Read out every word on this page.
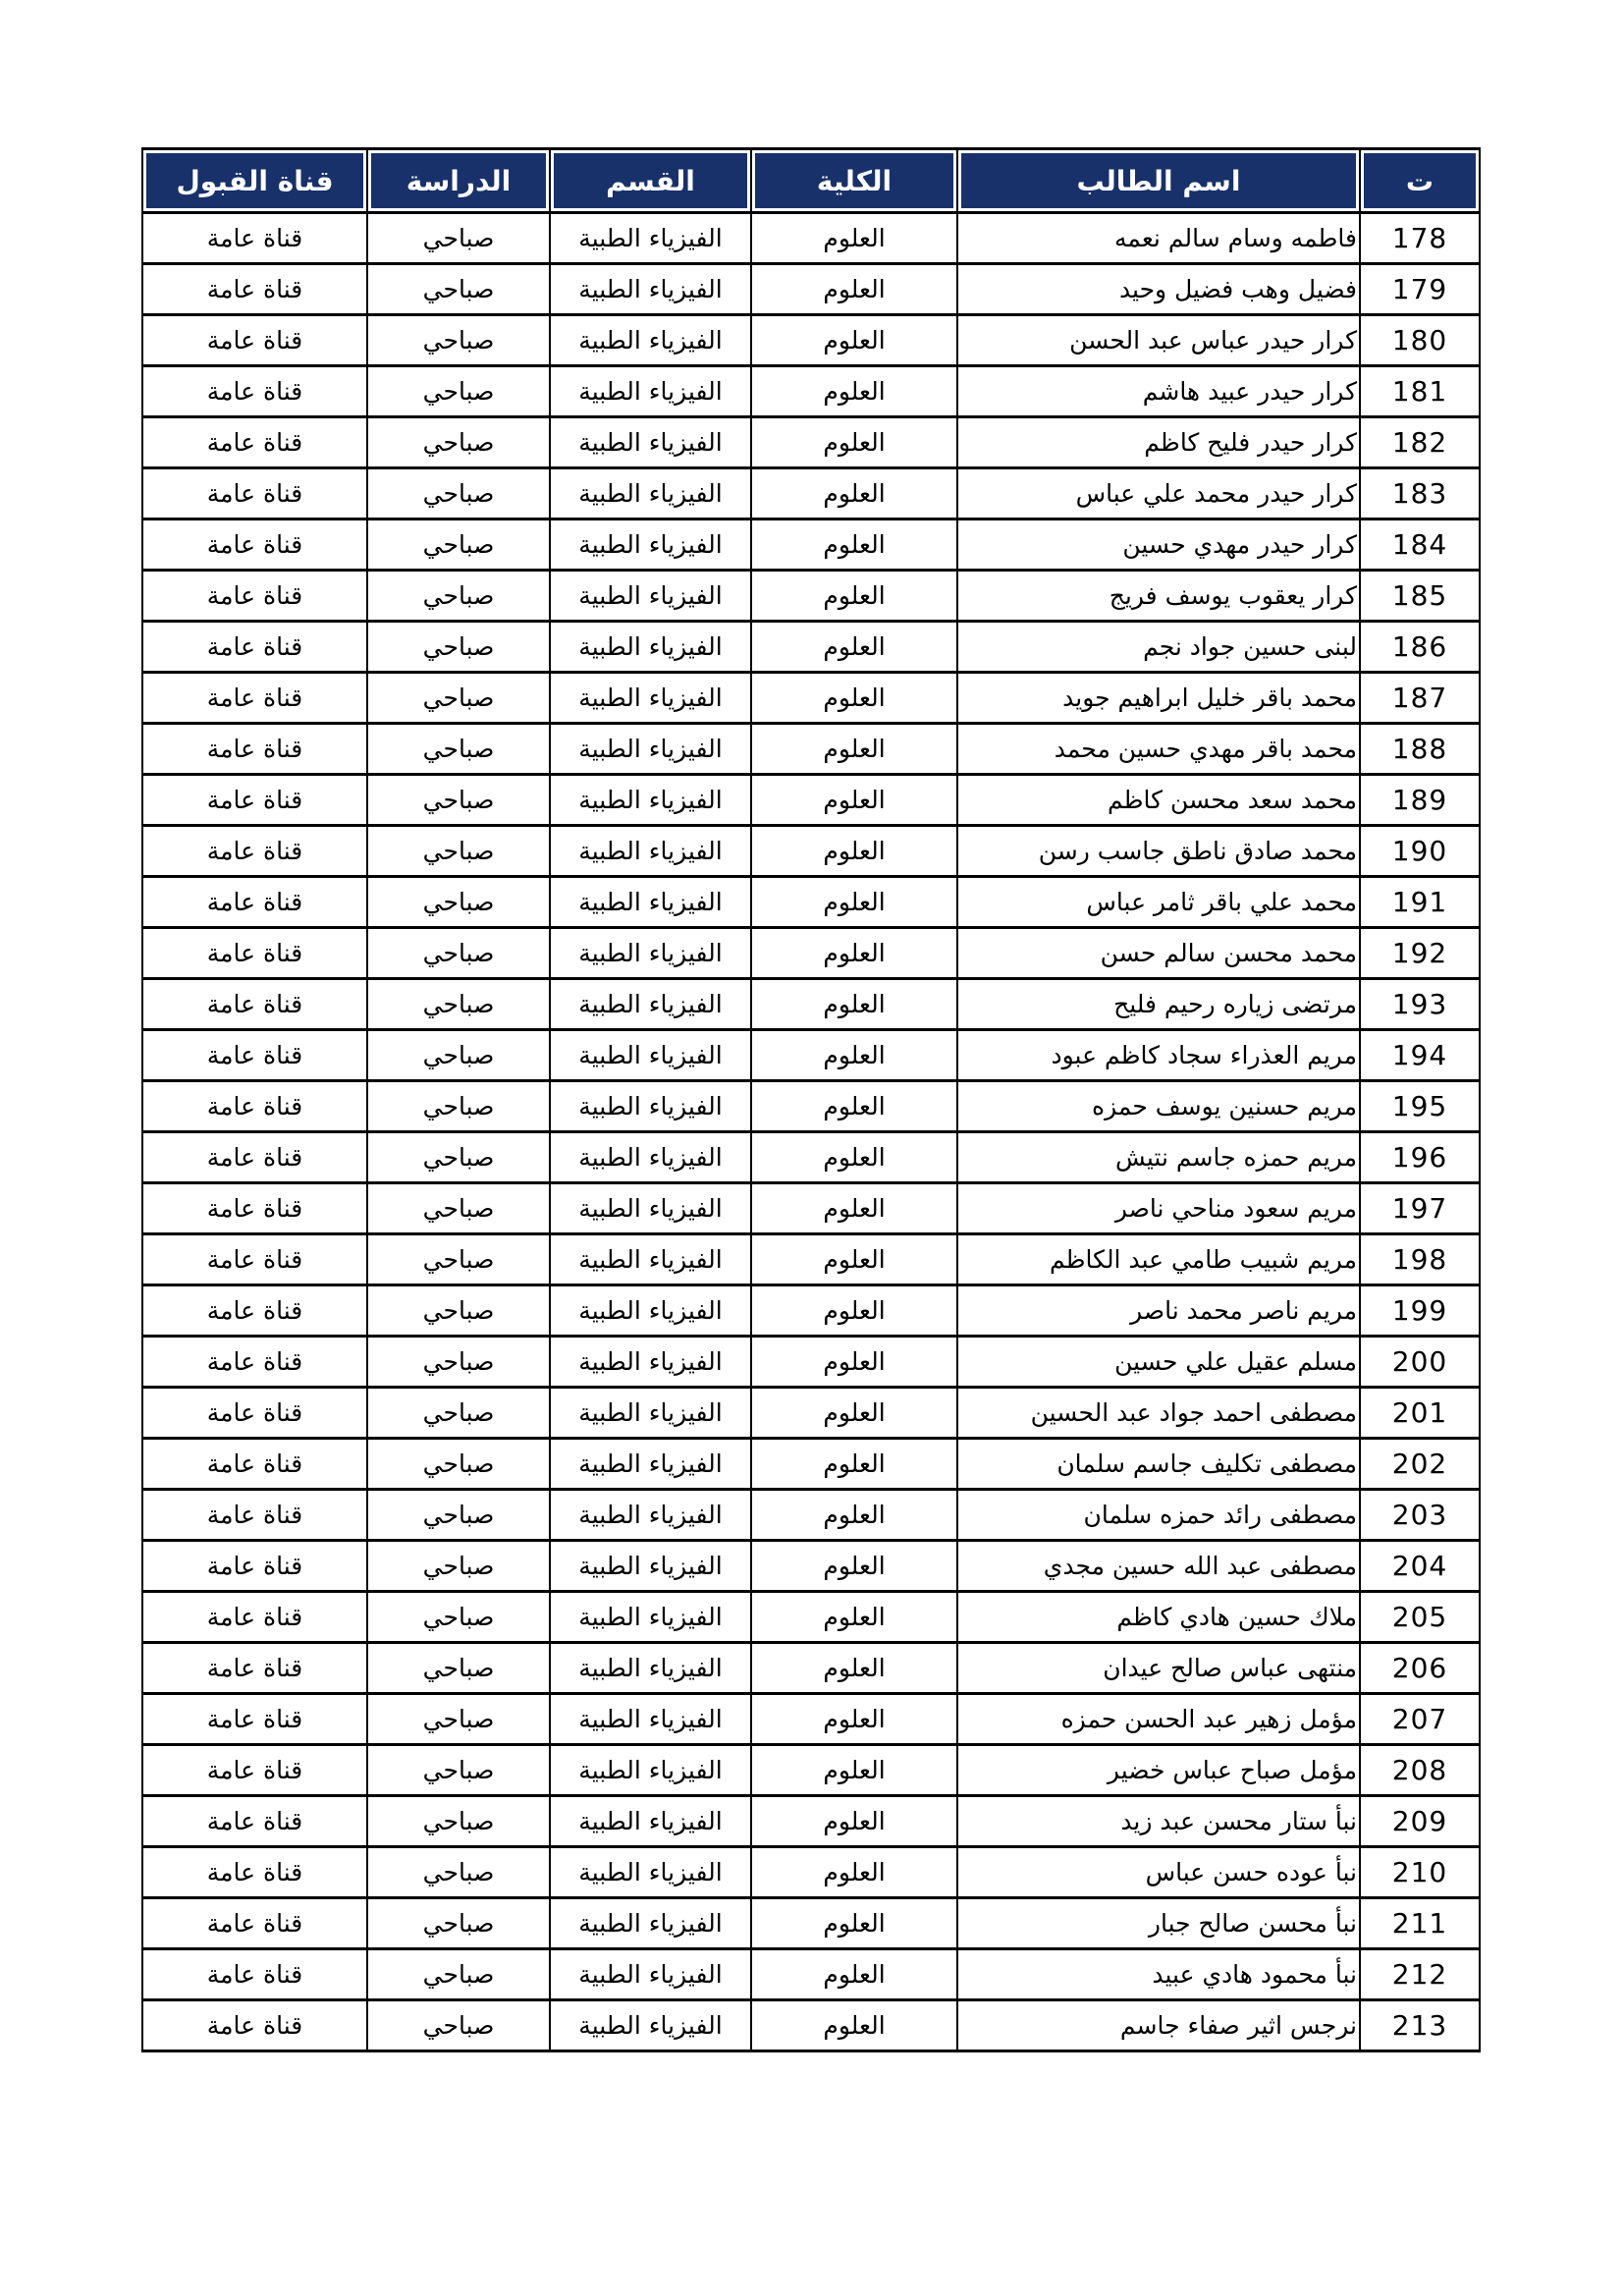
ت	اسم الطالب	الكلية	القسم	الدراسة	قناة القبول
178	فاطمه وسام سالم نعمه	العلوم	الفيزياء الطبية	صباحي	قناة عامة
179	فضيل وهب فضيل وحيد	العلوم	الفيزياء الطبية	صباحي	قناة عامة
180	كرار حيدر عباس عبد الحسن	العلوم	الفيزياء الطبية	صباحي	قناة عامة
181	كرار حيدر عبيد هاشم	العلوم	الفيزياء الطبية	صباحي	قناة عامة
182	كرار حيدر فليح كاظم	العلوم	الفيزياء الطبية	صباحي	قناة عامة
183	كرار حيدر محمد علي عباس	العلوم	الفيزياء الطبية	صباحي	قناة عامة
184	كرار حيدر مهدي حسين	العلوم	الفيزياء الطبية	صباحي	قناة عامة
185	كرار يعقوب يوسف فريج	العلوم	الفيزياء الطبية	صباحي	قناة عامة
186	لبنى حسين جواد نجم	العلوم	الفيزياء الطبية	صباحي	قناة عامة
187	محمد باقر خليل ابراهيم جويد	العلوم	الفيزياء الطبية	صباحي	قناة عامة
188	محمد باقر مهدي حسين محمد	العلوم	الفيزياء الطبية	صباحي	قناة عامة
189	محمد سعد محسن كاظم	العلوم	الفيزياء الطبية	صباحي	قناة عامة
190	محمد صادق ناطق جاسب رسن	العلوم	الفيزياء الطبية	صباحي	قناة عامة
191	محمد علي باقر ثامر عباس	العلوم	الفيزياء الطبية	صباحي	قناة عامة
192	محمد محسن سالم حسن	العلوم	الفيزياء الطبية	صباحي	قناة عامة
193	مرتضى زياره رحيم فليح	العلوم	الفيزياء الطبية	صباحي	قناة عامة
194	مريم العذراء سجاد كاظم عبود	العلوم	الفيزياء الطبية	صباحي	قناة عامة
195	مريم حسنين يوسف حمزه	العلوم	الفيزياء الطبية	صباحي	قناة عامة
196	مريم حمزه جاسم نتيش	العلوم	الفيزياء الطبية	صباحي	قناة عامة
197	مريم سعود مناحي ناصر	العلوم	الفيزياء الطبية	صباحي	قناة عامة
198	مريم شبيب طامي عبد الكاظم	العلوم	الفيزياء الطبية	صباحي	قناة عامة
199	مريم ناصر محمد ناصر	العلوم	الفيزياء الطبية	صباحي	قناة عامة
200	مسلم عقيل علي حسين	العلوم	الفيزياء الطبية	صباحي	قناة عامة
201	مصطفى احمد جواد عبد الحسين	العلوم	الفيزياء الطبية	صباحي	قناة عامة
202	مصطفى تكليف جاسم سلمان	العلوم	الفيزياء الطبية	صباحي	قناة عامة
203	مصطفى رائد حمزه سلمان	العلوم	الفيزياء الطبية	صباحي	قناة عامة
204	مصطفى عبد الله حسين مجدي	العلوم	الفيزياء الطبية	صباحي	قناة عامة
205	ملاك حسين هادي كاظم	العلوم	الفيزياء الطبية	صباحي	قناة عامة
206	منتهى عباس صالح عيدان	العلوم	الفيزياء الطبية	صباحي	قناة عامة
207	مؤمل زهير عبد الحسن حمزه	العلوم	الفيزياء الطبية	صباحي	قناة عامة
208	مؤمل صباح عباس خضير	العلوم	الفيزياء الطبية	صباحي	قناة عامة
209	نبأ ستار محسن عبد زيد	العلوم	الفيزياء الطبية	صباحي	قناة عامة
210	نبأ عوده حسن عباس	العلوم	الفيزياء الطبية	صباحي	قناة عامة
211	نبأ محسن صالح جبار	العلوم	الفيزياء الطبية	صباحي	قناة عامة
212	نبأ محمود هادي عبيد	العلوم	الفيزياء الطبية	صباحي	قناة عامة
213	نرجس اثير صفاء جاسم	العلوم	الفيزياء الطبية	صباحي	قناة عامة
